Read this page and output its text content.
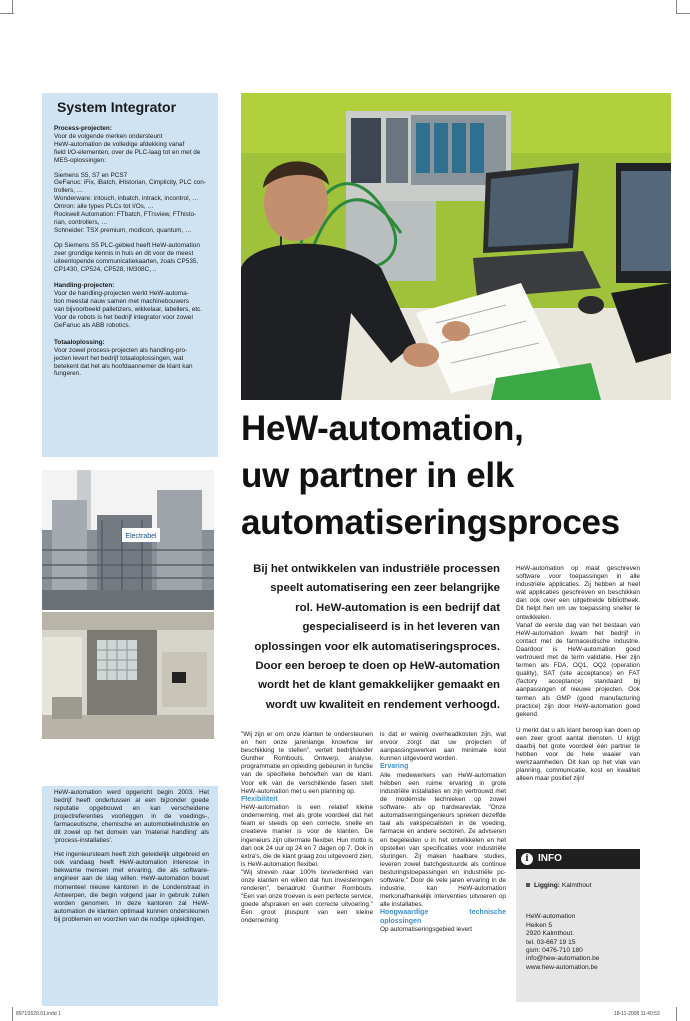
System Integrator
Process-projecten:

Voor de volgende merken ondersteunt
HeW-automation de volledige afdekking vanaf
field I/O-elementen, over de PLC-laag tot en met de
MES-oplossingen:

Siemens S5, S7 en PCS7
GeFanuc: iFix, iBatch, iHistorian, Cimplicity, PLC con-
trollers, …
Wonderware: intouch, inbatch, intrack, incontrol, …
Omron: alle types PLCs tot I/Os, …
Rockwell Automation: FTbatch, FTrsview, FThisto-
rian, controllers, …
Schneider: TSX premium, modicon, quantum, …

Op Siemens S5 PLC-gebied heeft HeW-automation
zeer grondige kennis in huis en dit voor de meest
uiteenlopende communicatiekaarten, zoals CP535,
CP1430, CP524, CP528, IM308C, ..

Handling-projecten:

Voor de handling-projecten werkt HeW-automa-
tion meestal nauw samen met machinebouwers
van bijvoorbeeld palletizers, wikkelaar, labellers, etc.
Voor de robots is het bedrijf integrator voor zowel
GeFanuc als ABB robotics.

Totaaloplossing:

Voor zowel process-projecten als handling-pro-
jecten levert het bedrijf totaaloplossingen, wat
betekent dat het als hoofdaannemer de klant kan
fungeren.

Electrabel
HeW-automation,
uw partner in elk
automatiseringsproces

Bij het ontwikkelen van industriële processen speelt automatisering een zeer belangrijke rol. HeW-automation is een bedrijf dat gespecialiseerd is in het leveren van oplossingen voor elk automatiseringsproces. Door een beroep te doen op HeW-automation wordt het de klant gemakkelijker gemaakt en wordt uw kwaliteit en rendement verhoogd.

"Wij zijn er om onze klanten te ondersteunen en hen onze jarenlange knowhow ter beschikking te stellen", vertelt bedrijfsleider Gunther Rombouts. Ontwerp, analyse, programmatie en opleiding gebeuren in functie van de specifieke behoeften van de klant. Voor elk van de verschillende fasen stelt HeW-automation met u een planning op.

Flexibiliteit

HeW-automation is een relatief kleine onderneming, met als grote voordeel dat het team er steeds op een correcte, snelle en creatieve manier is voor de klanten. De ingenieurs zijn uitermate flexibel. Hun motto is dan ook 24 uur op 24 en 7 dagen op 7. Ook in extra's, die de klant graag zou uitgevoerd zien, is HeW-automation flexibel.

"Wij streven naar 100% tevredenheid van onze klanten en willen dat hun investeringen renderen", benadrukt Gunther Rombouts. "Een van onze troeven is een perfecte service, goede afspraken en een correcte uitvoering." Een groot pluspunt van een kleine onderneming

is dat er weinig overheadkosten zijn, wat ervoor zorgt dat uw projecten of aanpassingswerken aan minimale kost kunnen uitgevoerd worden.

Ervaring

Alle medewerkers van HeW-automation hebben een ruime ervaring in grote industriële installaties en zijn vertrouwd met de modernste technieken op zowel software- als op hardwarevlak. "Onze automatiseringsingenieurs spreken dezelfde taal als vakspecialisten in de voeding, farmacie en andere sectoren. Ze adviseren en begeleiden u in het ontwikkelen en het opstellen van specificaties voor industriële sturingen. Zij maken haalbare studies, leveren zowel batchgestuurde als continue besturingstoepassingen en industriële pc-software." Door de vele jaren ervaring in de industrie, kan HeW-automation merkonafhankelijk interventies uitvoeren op alle installaties.

Hoogwaardige technische oplossingen

Op automatiseringsgebied levert

HeW-automation op maat geschreven software voor toepassingen in alle industriële applicaties. Zij hebben al heel wat applicaties geschreven en beschikken dan ook over een uitgebreide bibliotheek. Dit helpt hen om uw toepassing sneller te ontwikkelen.

Vanaf de eerste dag van het bestaan van HeW-automation kwam het bedrijf in contact met de farmaceutische industrie. Daardoor is HeW-automation goed vertrouwd met de term validatie. Hier zijn termen als FDA, OQ1, OQ2 (operation quality), SAT (site acceptance) en FAT (factory acceptance) standaard bij aanpassingen of nieuwe projecten. Ook termen als GMP (good manufacturing practice) zijn door HeW-automation goed gekend.

U merkt dat u als klant beroep kan doen op een zeer groot aantal diensten. U krijgt daarbij het grote voordeel één partner te hebben voor de hele waaier van werkzaamheden. Dit kan op het vlak van planning, communicatie, kost en kwaliteit alleen maar positief zijn!

i INFO
Ligging: Kalmthout
HeW-automation
Heiken 5
2920 Kalmthout.
tel. 03-667 19 15
gsm: 0476-710 180
info@hew-automation.be
www.hew-automation.be

HeW-automation werd opgericht begin 2003. Het bedrijf heeft ondertussen al een bijzonder goede reputatie opgebouwd en kan verscheidene projectreferenties voorleggen in de voedings-, farmaceutische, chemische en automobielindustrie en dit zowel op het domein van 'material handling' als 'process-installaties'.

Het ingenieursteam heeft zich geleidelijk uitgebreid en ook vandaag heeft HeW-automation interesse in bekwame mensen met ervaring, die als software-engineer aan de slag willen. HeW-automation bouwt momenteel nieuwe kantoren in de Londenstraat in Antwerpen, die begin volgend jaar in gebruik zullen worden genomen. In deze kantoren zal HeW-automation de klanten optimaal kunnen ondersteunen bij problemen en voorzien van de nodige opleidingen.

8971S529.01.indd 1	18-11-2008 11:40:53
